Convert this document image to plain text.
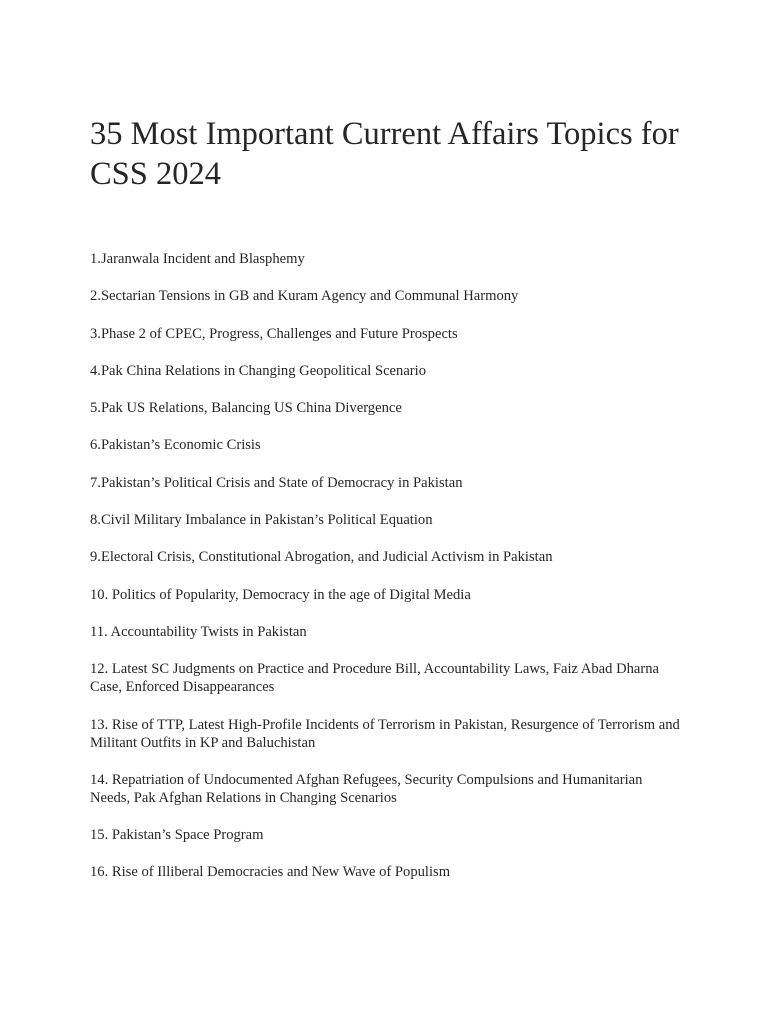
35 Most Important Current Affairs Topics for CSS 2024
1.Jaranwala Incident and Blasphemy
2.Sectarian Tensions in GB and Kuram Agency and Communal Harmony
3.Phase 2 of CPEC, Progress, Challenges and Future Prospects
4.Pak China Relations in Changing Geopolitical Scenario
5.Pak US Relations, Balancing US China Divergence
6.Pakistan’s Economic Crisis
7.Pakistan’s Political Crisis and State of Democracy in Pakistan
8.Civil Military Imbalance in Pakistan’s Political Equation
9.Electoral Crisis, Constitutional Abrogation, and Judicial Activism in Pakistan
10. Politics of Popularity, Democracy in the age of Digital Media
11. Accountability Twists in Pakistan
12. Latest SC Judgments on Practice and Procedure Bill, Accountability Laws, Faiz Abad Dharna Case, Enforced Disappearances
13. Rise of TTP, Latest High-Profile Incidents of Terrorism in Pakistan, Resurgence of Terrorism and Militant Outfits in KP and Baluchistan
14. Repatriation of Undocumented Afghan Refugees, Security Compulsions and Humanitarian Needs, Pak Afghan Relations in Changing Scenarios
15. Pakistan’s Space Program
16. Rise of Illiberal Democracies and New Wave of Populism
